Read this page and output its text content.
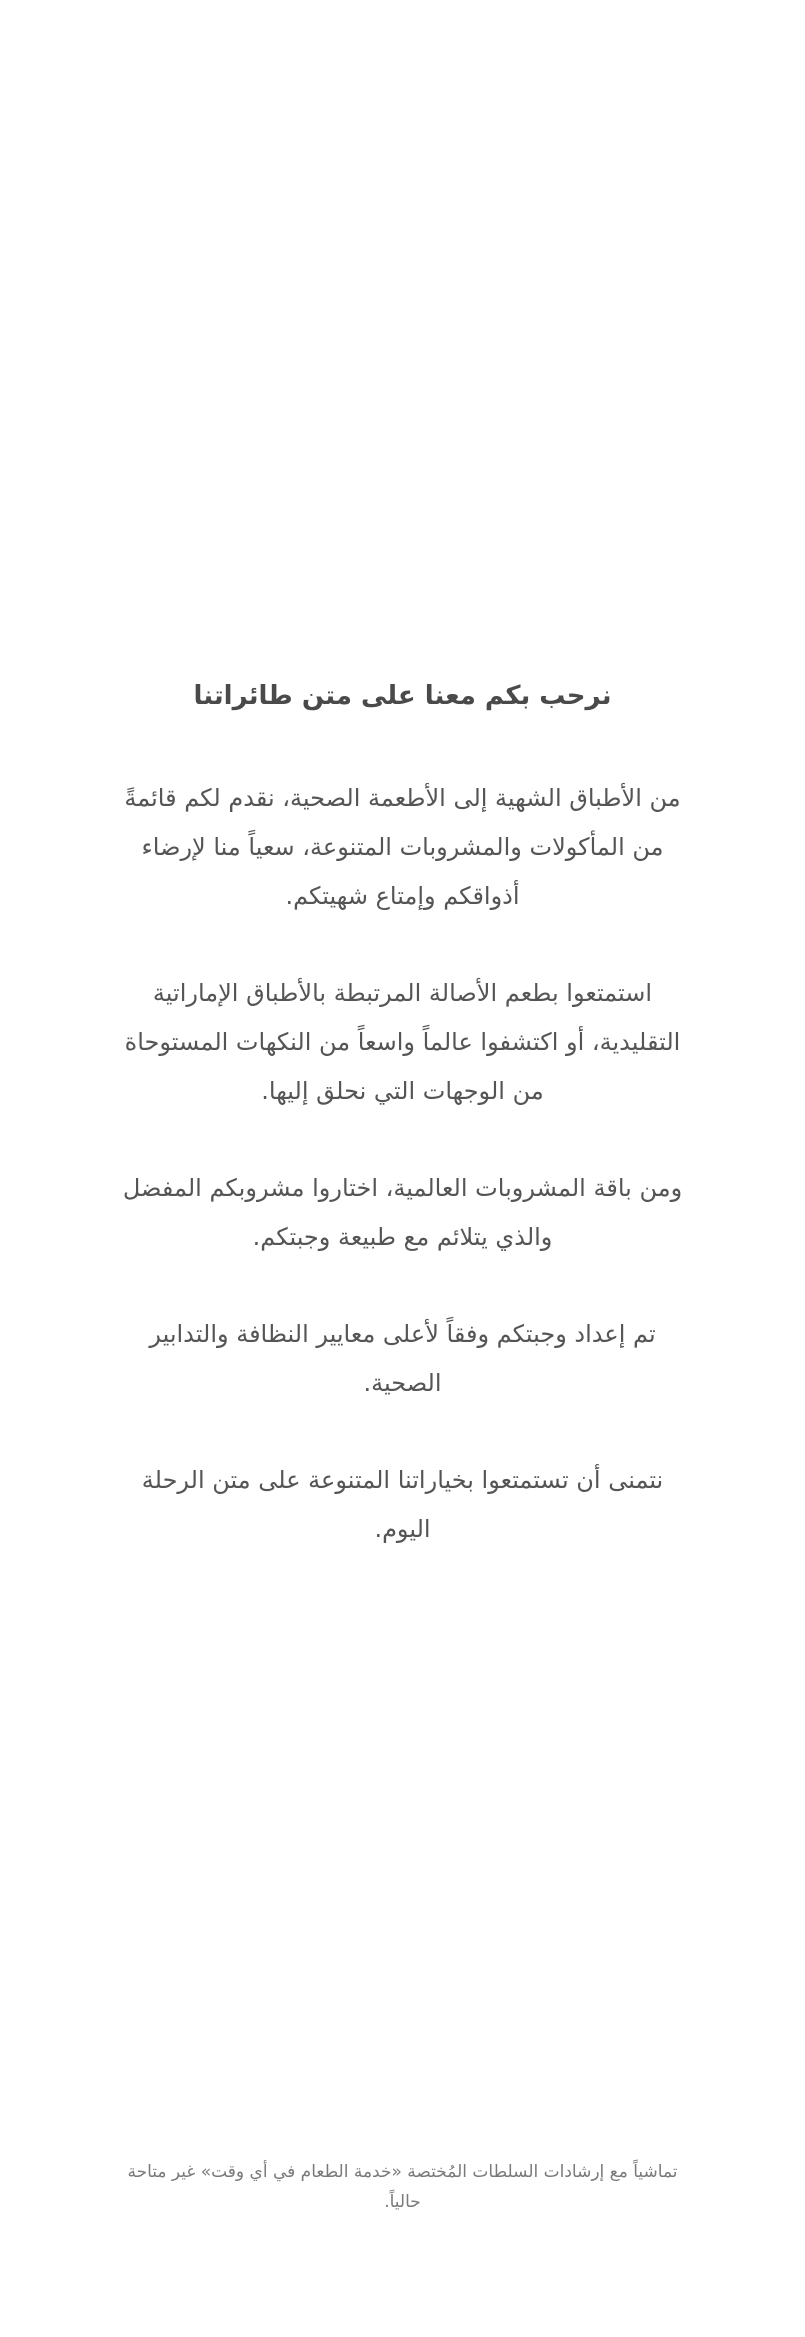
نرحب بكم معنا على متن طائراتنا

من الأطباق الشهية إلى الأطعمة الصحية، نقدم لكم قائمةً من المأكولات والمشروبات المتنوعة، سعياً منا لإرضاء أذواقكم وإمتاع شهيتكم.

استمتعوا بطعم الأصالة المرتبطة بالأطباق الإماراتية التقليدية، أو اكتشفوا عالماً واسعاً من النكهات المستوحاة من الوجهات التي نحلق إليها.

ومن باقة المشروبات العالمية، اختاروا مشروبكم المفضل والذي يتلائم مع طبيعة وجبتكم.

تم إعداد وجبتكم وفقاً لأعلى معايير النظافة والتدابير الصحية.

نتمنى أن تستمتعوا بخياراتنا المتنوعة على متن الرحلة اليوم.

تماشياً مع إرشادات السلطات المُختصة «خدمة الطعام في أي وقت» غير متاحة حالياً.
